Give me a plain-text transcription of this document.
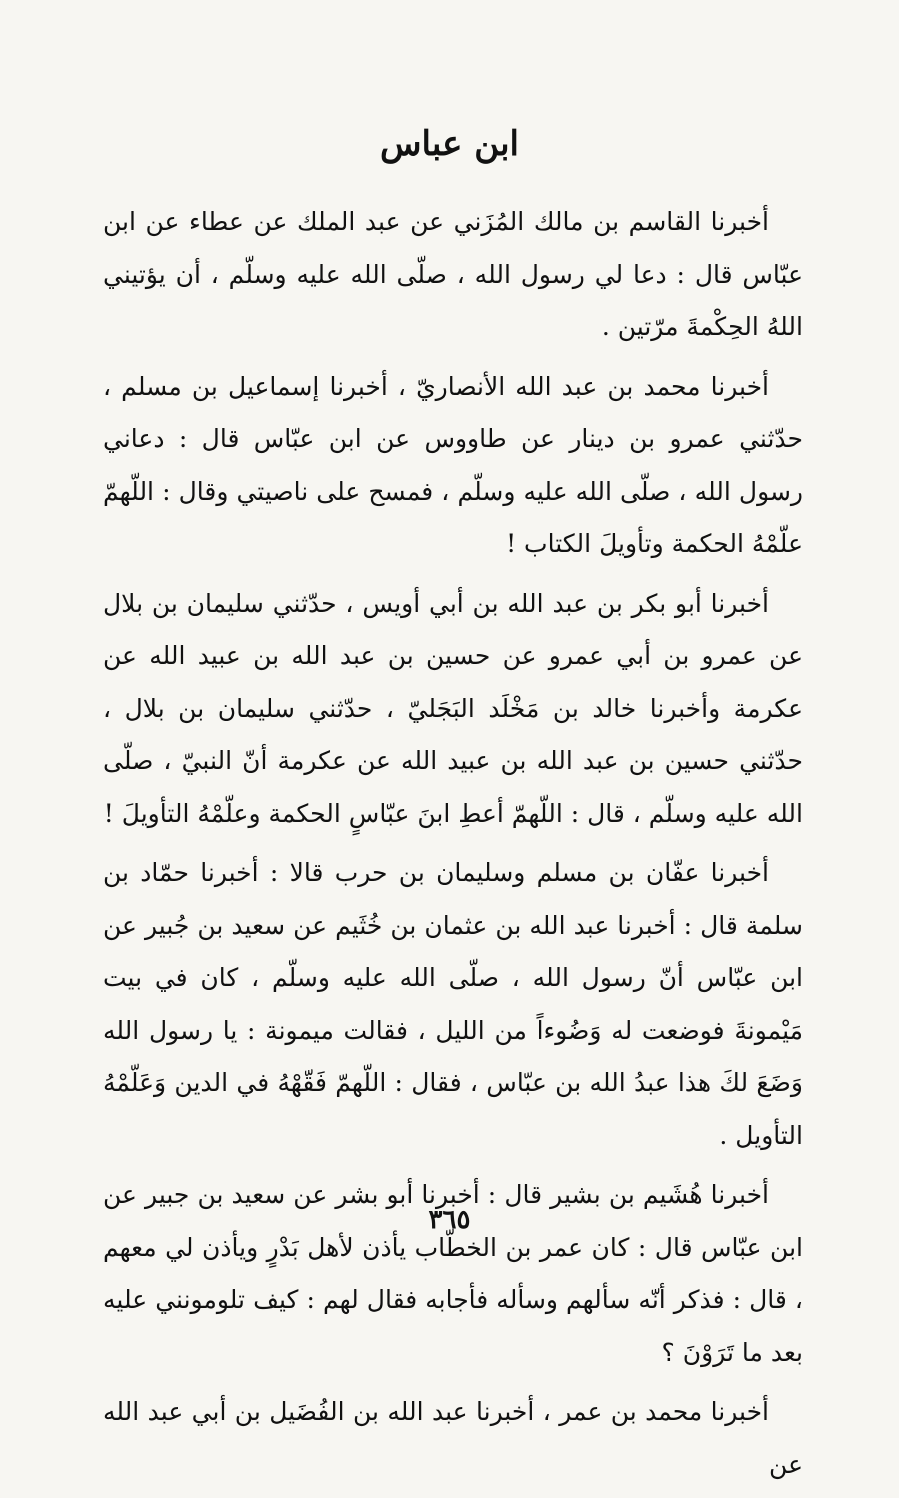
ابن عباس

أخبرنا القاسم بن مالك المُزَني عن عبد الملك عن عطاء عن ابن عبّاس قال : دعا لي رسول الله ، صلّى الله عليه وسلّم ، أن يؤتيني اللهُ الحِكْمةَ مرّتين .

أخبرنا محمد بن عبد الله الأنصاريّ ، أخبرنا إسماعيل بن مسلم ، حدّثني عمرو بن دينار عن طاووس عن ابن عبّاس قال : دعاني رسول الله ، صلّى الله عليه وسلّم ، فمسح على ناصيتي وقال : اللّهمّ علّمْهُ الحكمة وتأويلَ الكتاب !

أخبرنا أبو بكر بن عبد الله بن أبي أويس ، حدّثني سليمان بن بلال عن عمرو بن أبي عمرو عن حسين بن عبد الله بن عبيد الله عن عكرمة وأخبرنا خالد بن مَخْلَد البَجَليّ ، حدّثني سليمان بن بلال ، حدّثني حسين بن عبد الله بن عبيد الله عن عكرمة أنّ النبيّ ، صلّى الله عليه وسلّم ، قال : اللّهمّ أعطِ ابنَ عبّاسٍ الحكمة وعلّمْهُ التأويلَ !

أخبرنا عفّان بن مسلم وسليمان بن حرب قالا : أخبرنا حمّاد بن سلمة قال : أخبرنا عبد الله بن عثمان بن خُثَيم عن سعيد بن جُبير عن ابن عبّاس أنّ رسول الله ، صلّى الله عليه وسلّم ، كان في بيت مَيْمونةَ فوضعت له وَضُوءاً من الليل ، فقالت ميمونة : يا رسول الله وَضَعَ لكَ هذا عبدُ الله بن عبّاس ، فقال : اللّهمّ فَقّهْهُ في الدين وَعَلّمْهُ التأويل .

أخبرنا هُشَيم بن بشير قال : أخبرنا أبو بشر عن سعيد بن جبير عن ابن عبّاس قال : كان عمر بن الخطّاب يأذن لأهل بَدْرٍ ويأذن لي معهم ، قال : فذكر أنّه سألهم وسأله فأجابه فقال لهم : كيف تلومونني عليه بعد ما تَرَوْنَ ؟

أخبرنا محمد بن عمر ، أخبرنا عبد الله بن الفُضَيل بن أبي عبد الله عن

٣٦٥
